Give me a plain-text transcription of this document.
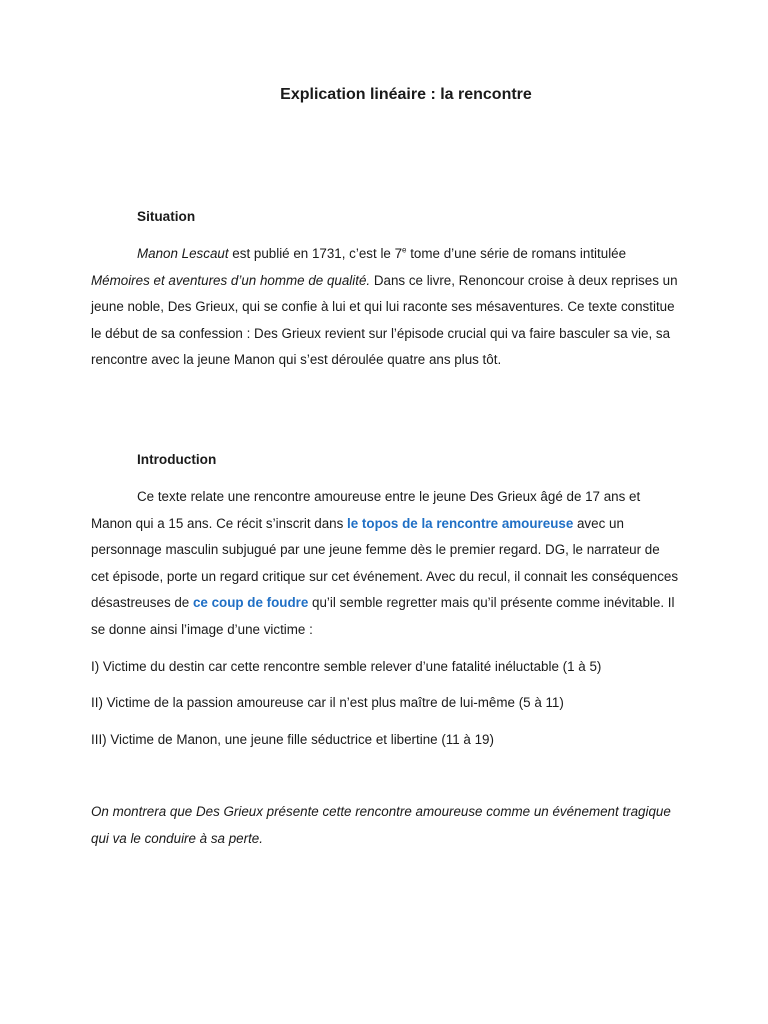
Explication linéaire : la rencontre
Situation

Manon Lescaut est publié en 1731, c’est le 7e tome d’une série de romans intitulée Mémoires et aventures d’un homme de qualité. Dans ce livre, Renoncour croise à deux reprises un jeune noble, Des Grieux, qui se confie à lui et qui lui raconte ses mésaventures. Ce texte constitue le début de sa confession : Des Grieux revient sur l’épisode crucial qui va faire basculer sa vie, sa rencontre avec la jeune Manon qui s’est déroulée quatre ans plus tôt.

Introduction

Ce texte relate une rencontre amoureuse entre le jeune Des Grieux âgé de 17 ans et Manon qui a 15 ans. Ce récit s’inscrit dans le topos de la rencontre amoureuse avec un personnage masculin subjugué par une jeune femme dès le premier regard. DG, le narrateur de cet épisode, porte un regard critique sur cet événement. Avec du recul, il connait les conséquences désastreuses de ce coup de foudre qu’il semble regretter mais qu’il présente comme inévitable. Il se donne ainsi l’image d’une victime :

I) Victime du destin car cette rencontre semble relever d’une fatalité inéluctable (1 à 5)

II) Victime de la passion amoureuse car il n’est plus maître de lui-même (5 à 11)

III) Victime de Manon, une jeune fille séductrice et libertine (11 à 19)

On montrera que Des Grieux présente cette rencontre amoureuse comme un événement tragique qui va le conduire à sa perte.
